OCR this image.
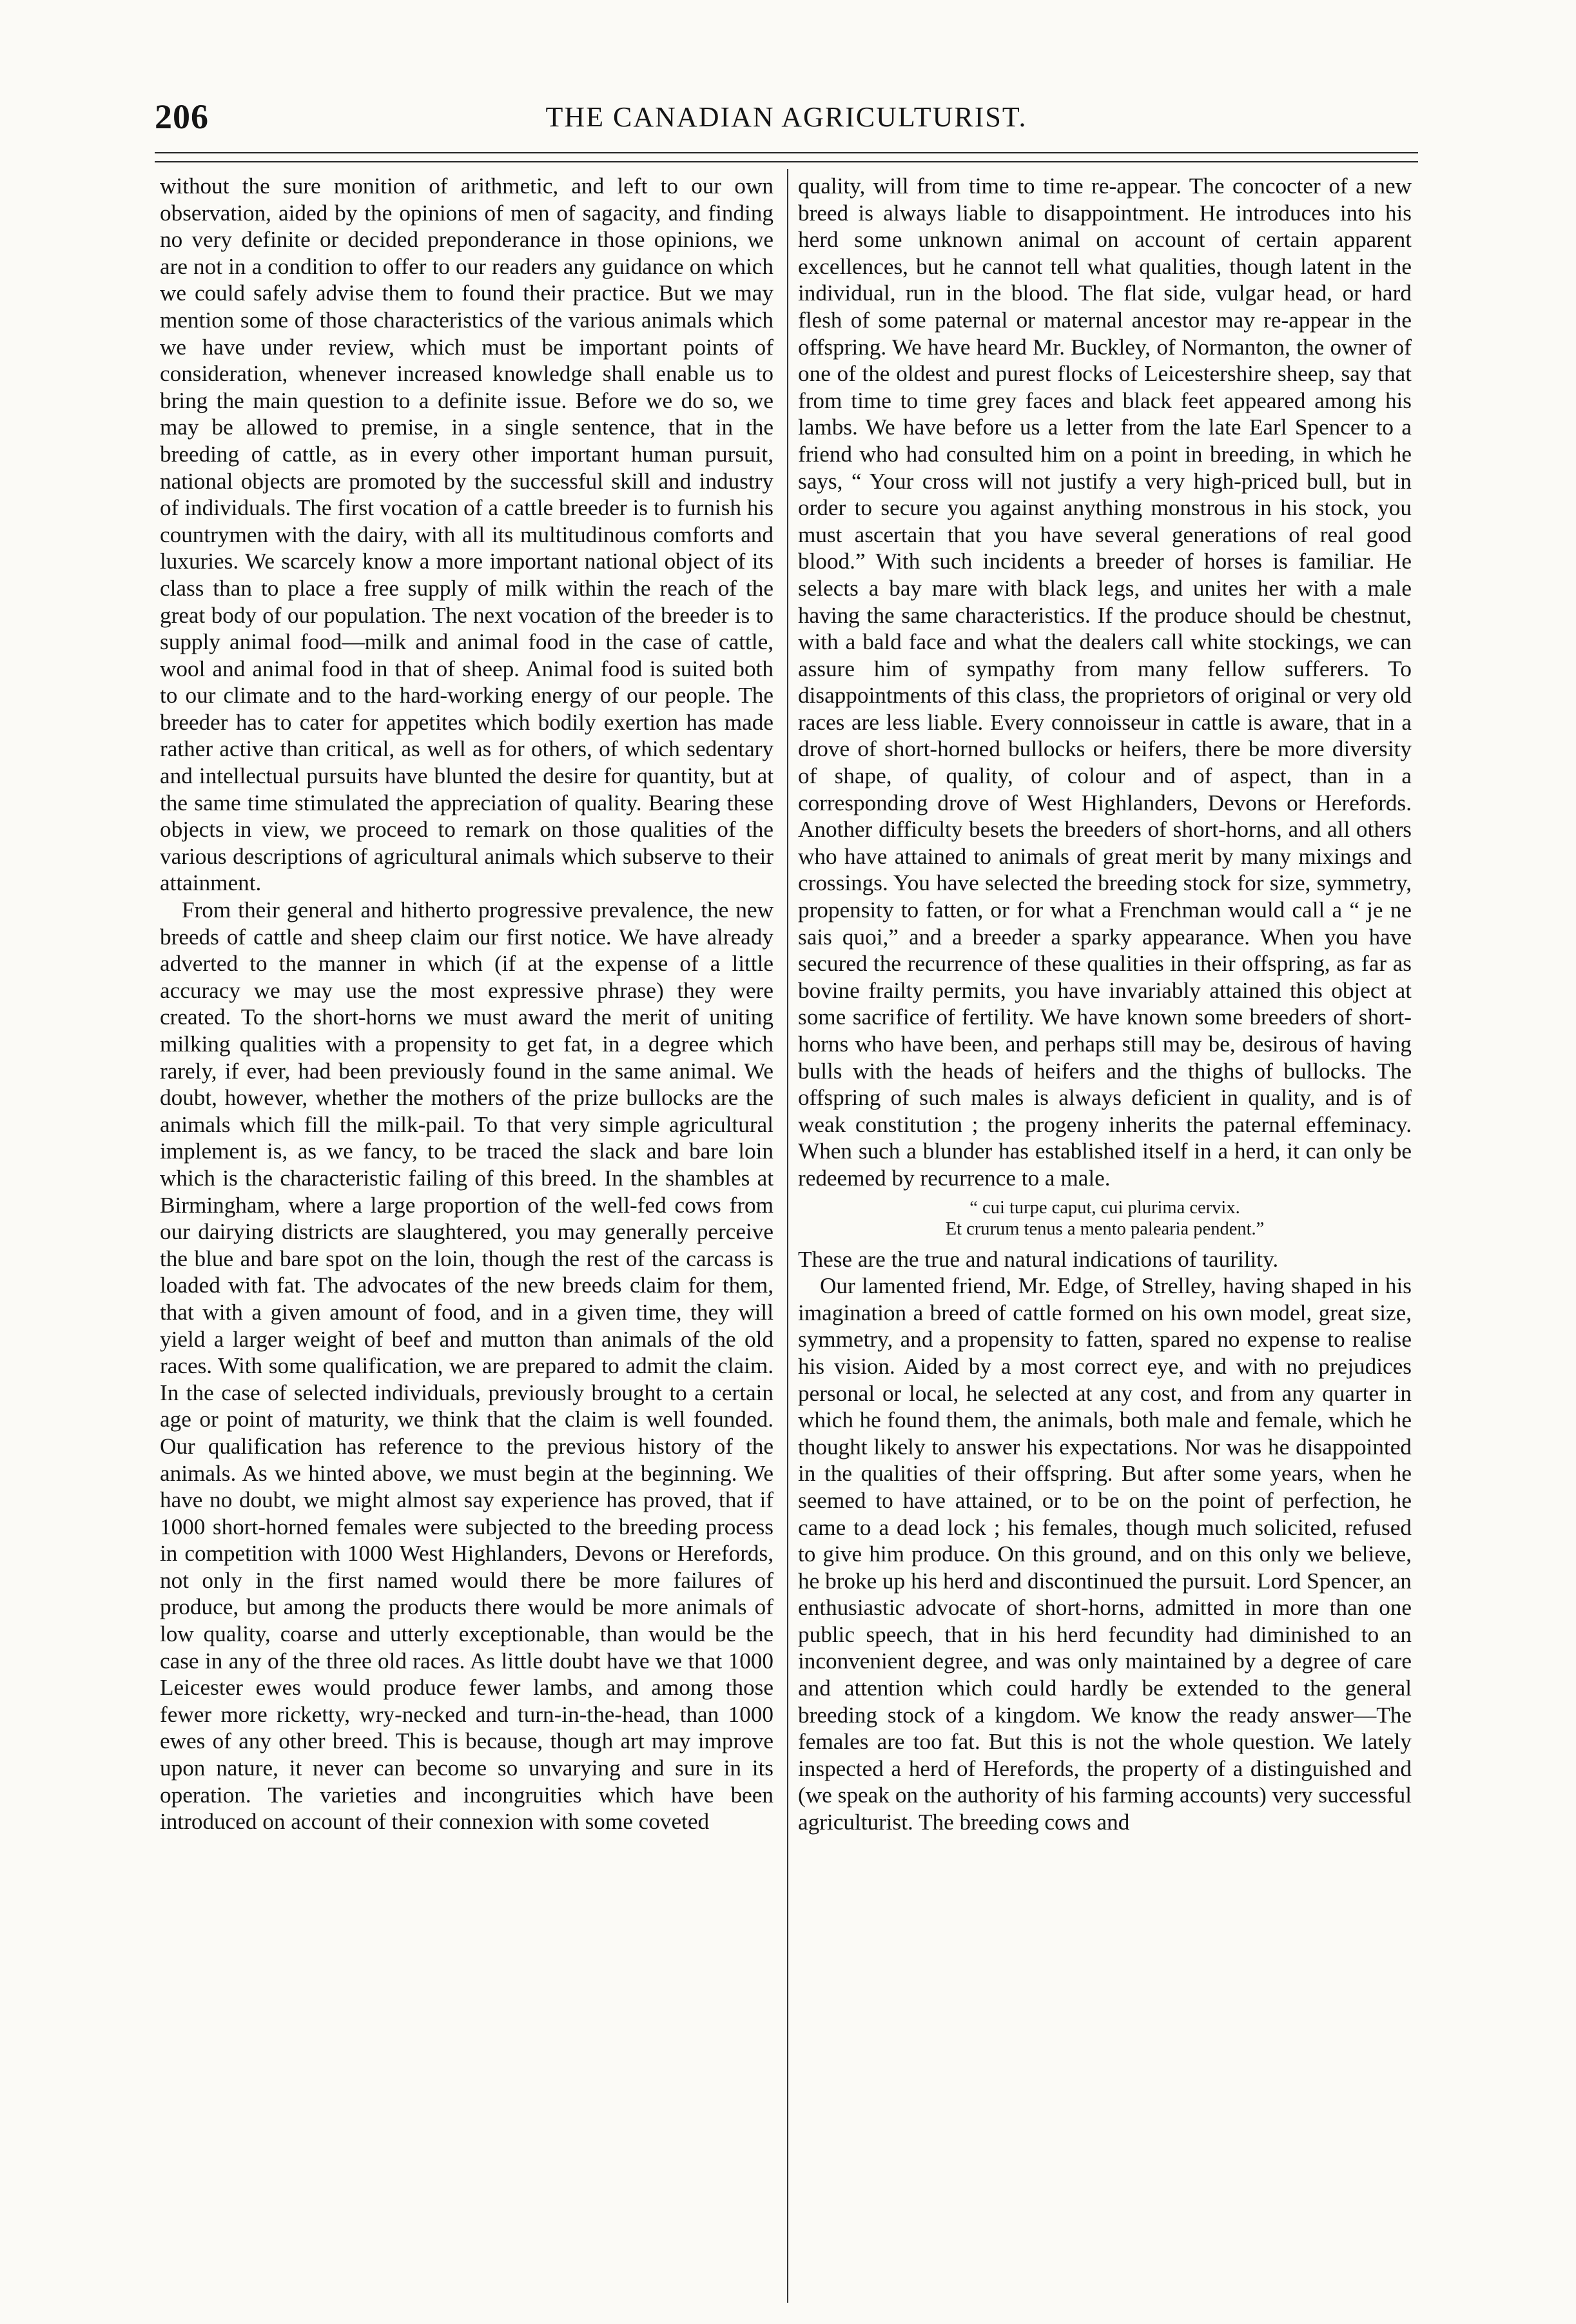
206	THE CANADIAN AGRICULTURIST.

without the sure monition of arithmetic, and left to our own observation, aided by the opinions of men of sagacity, and finding no very definite or decided preponderance in those opinions, we are not in a condition to offer to our readers any guidance on which we could safely advise them to found their practice. But we may mention some of those characteristics of the various animals which we have under review, which must be important points of consideration, whenever increased knowledge shall enable us to bring the main question to a definite issue. Before we do so, we may be allowed to premise, in a single sentence, that in the breeding of cattle, as in every other important human pursuit, national objects are promoted by the successful skill and industry of individuals. The first vocation of a cattle breeder is to furnish his countrymen with the dairy, with all its multitudinous comforts and luxuries. We scarcely know a more important national object of its class than to place a free supply of milk within the reach of the great body of our population. The next vocation of the breeder is to supply animal food—milk and animal food in the case of cattle, wool and animal food in that of sheep. Animal food is suited both to our climate and to the hard-working energy of our people. The breeder has to cater for appetites which bodily exertion has made rather active than critical, as well as for others, of which sedentary and intellectual pursuits have blunted the desire for quantity, but at the same time stimulated the appreciation of quality. Bearing these objects in view, we proceed to remark on those qualities of the various descriptions of agricultural animals which subserve to their attainment.

From their general and hitherto progressive prevalence, the new breeds of cattle and sheep claim our first notice. We have already adverted to the manner in which (if at the expense of a little accuracy we may use the most expressive phrase) they were created. To the short-horns we must award the merit of uniting milking qualities with a propensity to get fat, in a degree which rarely, if ever, had been previously found in the same animal. We doubt, however, whether the mothers of the prize bullocks are the animals which fill the milk-pail. To that very simple agricultural implement is, as we fancy, to be traced the slack and bare loin which is the characteristic failing of this breed. In the shambles at Birmingham, where a large proportion of the well-fed cows from our dairying districts are slaughtered, you may generally perceive the blue and bare spot on the loin, though the rest of the carcass is loaded with fat. The advocates of the new breeds claim for them, that with a given amount of food, and in a given time, they will yield a larger weight of beef and mutton than animals of the old races. With some qualification, we are prepared to admit the claim. In the case of selected individuals, previously brought to a certain age or point of maturity, we think that the claim is well founded. Our qualification has reference to the previous history of the animals. As we hinted above, we must begin at the beginning. We have no doubt, we might almost say experience has proved, that if 1000 short-horned females were subjected to the breeding process in competition with 1000 West Highlanders, Devons or Herefords, not only in the first named would there be more failures of produce, but among the products there would be more animals of low quality, coarse and utterly exceptionable, than would be the case in any of the three old races. As little doubt have we that 1000 Leicester ewes would produce fewer lambs, and among those fewer more ricketty, wry-necked and turn-in-the-head, than 1000 ewes of any other breed. This is because, though art may improve upon nature, it never can become so unvarying and sure in its operation. The varieties and incongruities which have been introduced on account of their connexion with some coveted

quality, will from time to time re-appear. The concocter of a new breed is always liable to disappointment. He introduces into his herd some unknown animal on account of certain apparent excellences, but he cannot tell what qualities, though latent in the individual, run in the blood. The flat side, vulgar head, or hard flesh of some paternal or maternal ancestor may re-appear in the offspring. We have heard Mr. Buckley, of Normanton, the owner of one of the oldest and purest flocks of Leicestershire sheep, say that from time to time grey faces and black feet appeared among his lambs. We have before us a letter from the late Earl Spencer to a friend who had consulted him on a point in breeding, in which he says, “ Your cross will not justify a very high-priced bull, but in order to secure you against anything monstrous in his stock, you must ascertain that you have several generations of real good blood.” With such incidents a breeder of horses is familiar. He selects a bay mare with black legs, and unites her with a male having the same characteristics. If the produce should be chestnut, with a bald face and what the dealers call white stockings, we can assure him of sympathy from many fellow sufferers. To disappointments of this class, the proprietors of original or very old races are less liable. Every connoisseur in cattle is aware, that in a drove of short-horned bullocks or heifers, there be more diversity of shape, of quality, of colour and of aspect, than in a corresponding drove of West Highlanders, Devons or Herefords. Another difficulty besets the breeders of short-horns, and all others who have attained to animals of great merit by many mixings and crossings. You have selected the breeding stock for size, symmetry, propensity to fatten, or for what a Frenchman would call a “ je ne sais quoi,” and a breeder a sparky appearance. When you have secured the recurrence of these qualities in their offspring, as far as bovine frailty permits, you have invariably attained this object at some sacrifice of fertility. We have known some breeders of short-horns who have been, and perhaps still may be, desirous of having bulls with the heads of heifers and the thighs of bullocks. The offspring of such males is always deficient in quality, and is of weak constitution ; the progeny inherits the paternal effeminacy. When such a blunder has established itself in a herd, it can only be redeemed by recurrence to a male.

“ cui turpe caput, cui plurima cervix.
Et crurum tenus a mento palearia pendent.”

These are the true and natural indications of taurility.

Our lamented friend, Mr. Edge, of Strelley, having shaped in his imagination a breed of cattle formed on his own model, great size, symmetry, and a propensity to fatten, spared no expense to realise his vision. Aided by a most correct eye, and with no prejudices personal or local, he selected at any cost, and from any quarter in which he found them, the animals, both male and female, which he thought likely to answer his expectations. Nor was he disappointed in the qualities of their offspring. But after some years, when he seemed to have attained, or to be on the point of perfection, he came to a dead lock ; his females, though much solicited, refused to give him produce. On this ground, and on this only we believe, he broke up his herd and discontinued the pursuit. Lord Spencer, an enthusiastic advocate of short-horns, admitted in more than one public speech, that in his herd fecundity had diminished to an inconvenient degree, and was only maintained by a degree of care and attention which could hardly be extended to the general breeding stock of a kingdom. We know the ready answer—The females are too fat. But this is not the whole question. We lately inspected a herd of Herefords, the property of a distinguished and (we speak on the authority of his farming accounts) very successful agriculturist. The breeding cows and
